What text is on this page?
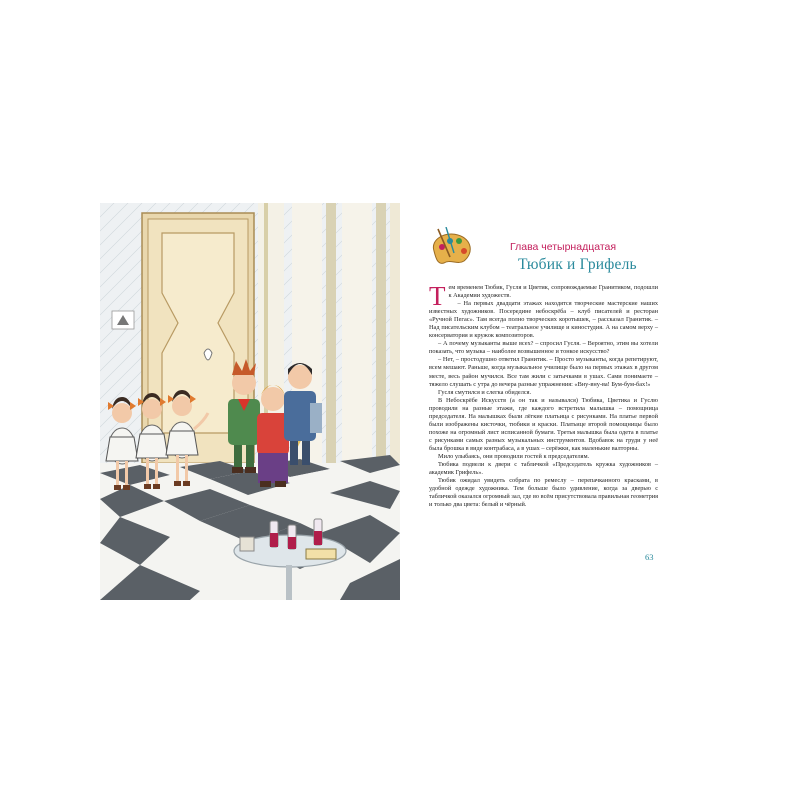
Глава четырнадцатая
Тюбик и Грифель

Тем временем Тюбик, Гусля и Цветик, сопровождаемые Гранитиком, подошли к Академии художеств.

– На первых двадцати этажах находятся творческие мастерские наших известных художников. Посередине небоскрёба – клуб писателей и ресторан «Ручной Пегас». Там всегда полно творческих коротышек, – рассказал Гранитик. – Над писательским клубом – театральное училище и киностудия. А на самом верху – консерватория и кружок композиторов.

– А почему музыканты выше всех? – спросил Гусля. – Вероятно, этим вы хотели показать, что музыка – наиболее возвышенное и тонкое искусство?

– Нет, – простодушно ответил Гранитик. – Просто музыканты, когда репетируют, всем мешают. Раньше, когда музыкальное училище было на первых этажах в другом месте, весь район мучился. Все там жили с затычками в ушах. Сами понимаете – тяжело слушать с утра до вечера разные упражнения: «Вну-вну-ва! Бум-бум-бах!»

Гусля смутился и слегка обиделся.

В Небоскрёбе Искусств (а он так и назывался) Тюбика, Цветика и Гуслю проводили на разные этажи, где каждого встретила малышка – помощница председателя. На малышках были лёгкие платьица с рисунками. На платье первой были изображены кисточки, тюбики и краски. Платьице второй помощницы было похоже на огромный лист исписанной бумаги. Третья малышка была одета в платье с рисунками самых разных музыкальных инструментов. Вдобавок на груди у неё была брошка в виде контрабаса, а в ушах – серёжки, как маленькие валторны.

Мило улыбаясь, они проводили гостей к председателям.

Тюбика подвели к двери с табличкой «Председатель кружка художников – академик Грифель».

Тюбик ожидал увидеть собрата по ремеслу – перепачканного красками, в удобной одежде художника. Тем больше было удивление, когда за дверью с табличкой оказался огромный зал, где во всём присутствовала правильная геометрия и только два цвета: белый и чёрный.

63
